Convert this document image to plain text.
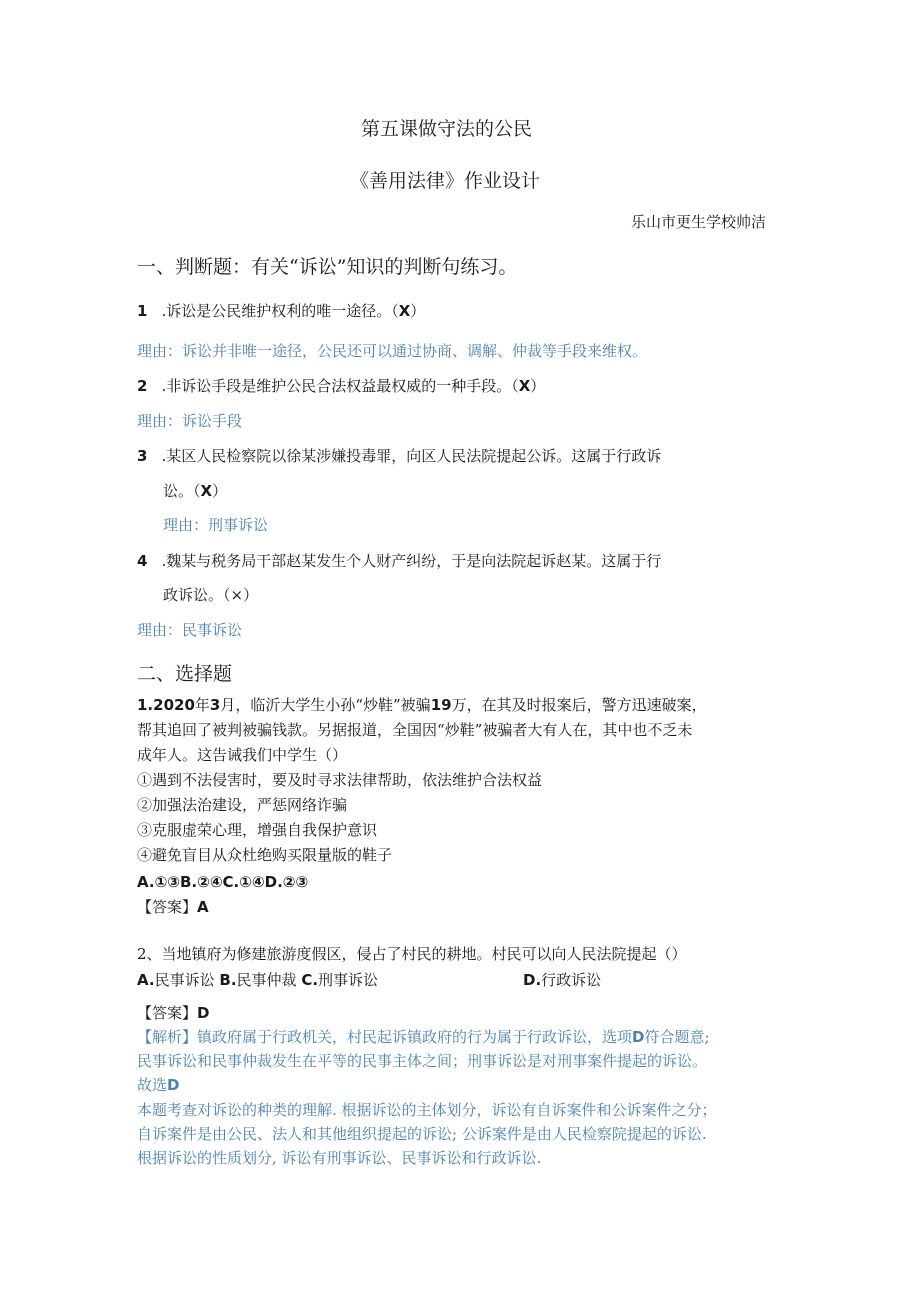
第五课做守法的公民
《善用法律》作业设计
乐山市更生学校帅洁
一、判断题：有关“诉讼”知识的判断句练习。
1 .诉讼是公民维护权利的唯一途径。（X）
理由：诉讼并非唯一途径，公民还可以通过协商、调解、仲裁等手段来维权。
2 .非诉讼手段是维护公民合法权益最权威的一种手段。（X）
理由：诉讼手段
3 .某区人民检察院以徐某涉嫌投毒罪，向区人民法院提起公诉。这属于行政诉
讼。（X）
理由：刑事诉讼
4 .魏某与税务局干部赵某发生个人财产纠纷，于是向法院起诉赵某。这属于行
政诉讼。（×）
理由：民事诉讼
二、选择题
1.2020年3月，临沂大学生小孙“炒鞋”被骗19万，在其及时报案后，警方迅速破案，
帮其追回了被判被骗钱款。另据报道，全国因“炒鞋”被骗者大有人在，其中也不乏未
成年人。这告诫我们中学生（）
①遇到不法侵害时，要及时寻求法律帮助，依法维护合法权益
②加强法治建设，严惩网络诈骗
③克服虚荣心理，增强自我保护意识
④避免盲目从众杜绝购买限量版的鞋子
A.①③B.②④C.①④D.②③
【答案】A
2、当地镇府为修建旅游度假区，侵占了村民的耕地。村民可以向人民法院提起（）
A.民事诉讼 B.民事仲裁 C.刑事诉讼	D.行政诉讼
【答案】D
【解析】镇政府属于行政机关，村民起诉镇政府的行为属于行政诉讼，选项D符合题意;
民事诉讼和民事仲裁发生在平等的民事主体之间；刑事诉讼是对刑事案件提起的诉讼。
故选D
本题考查对诉讼的种类的理解. 根据诉讼的主体划分，诉讼有自诉案件和公诉案件之分；
自诉案件是由公民、法人和其他组织提起的诉讼; 公诉案件是由人民检察院提起的诉讼.
根据诉讼的性质划分, 诉讼有刑事诉讼、民事诉讼和行政诉讼.
